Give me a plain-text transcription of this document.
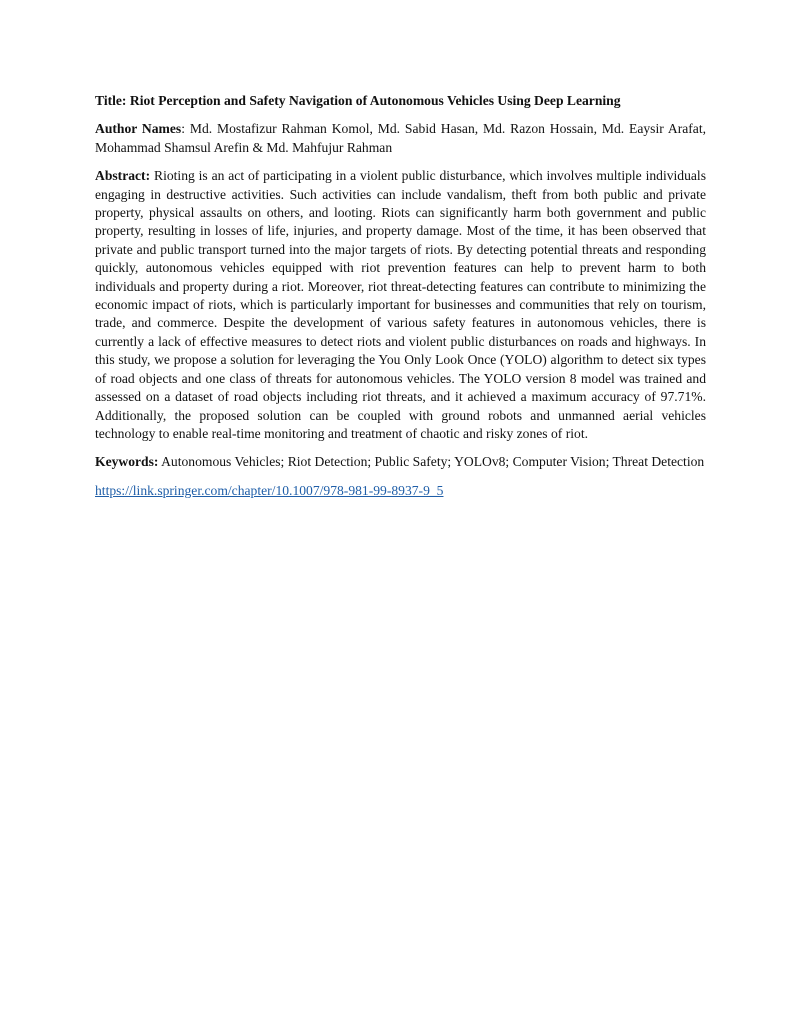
Title: Riot Perception and Safety Navigation of Autonomous Vehicles Using Deep Learning

Author Names: Md. Mostafizur Rahman Komol, Md. Sabid Hasan, Md. Razon Hossain, Md. Eaysir Arafat, Mohammad Shamsul Arefin & Md. Mahfujur Rahman

Abstract: Rioting is an act of participating in a violent public disturbance, which involves multiple individuals engaging in destructive activities. Such activities can include vandalism, theft from both public and private property, physical assaults on others, and looting. Riots can significantly harm both government and public property, resulting in losses of life, injuries, and property damage. Most of the time, it has been observed that private and public transport turned into the major targets of riots. By detecting potential threats and responding quickly, autonomous vehicles equipped with riot prevention features can help to prevent harm to both individuals and property during a riot. Moreover, riot threat-detecting features can contribute to minimizing the economic impact of riots, which is particularly important for businesses and communities that rely on tourism, trade, and commerce. Despite the development of various safety features in autonomous vehicles, there is currently a lack of effective measures to detect riots and violent public disturbances on roads and highways. In this study, we propose a solution for leveraging the You Only Look Once (YOLO) algorithm to detect six types of road objects and one class of threats for autonomous vehicles. The YOLO version 8 model was trained and assessed on a dataset of road objects including riot threats, and it achieved a maximum accuracy of 97.71%. Additionally, the proposed solution can be coupled with ground robots and unmanned aerial vehicles technology to enable real-time monitoring and treatment of chaotic and risky zones of riot.

Keywords: Autonomous Vehicles; Riot Detection; Public Safety; YOLOv8; Computer Vision; Threat Detection

https://link.springer.com/chapter/10.1007/978-981-99-8937-9_5
